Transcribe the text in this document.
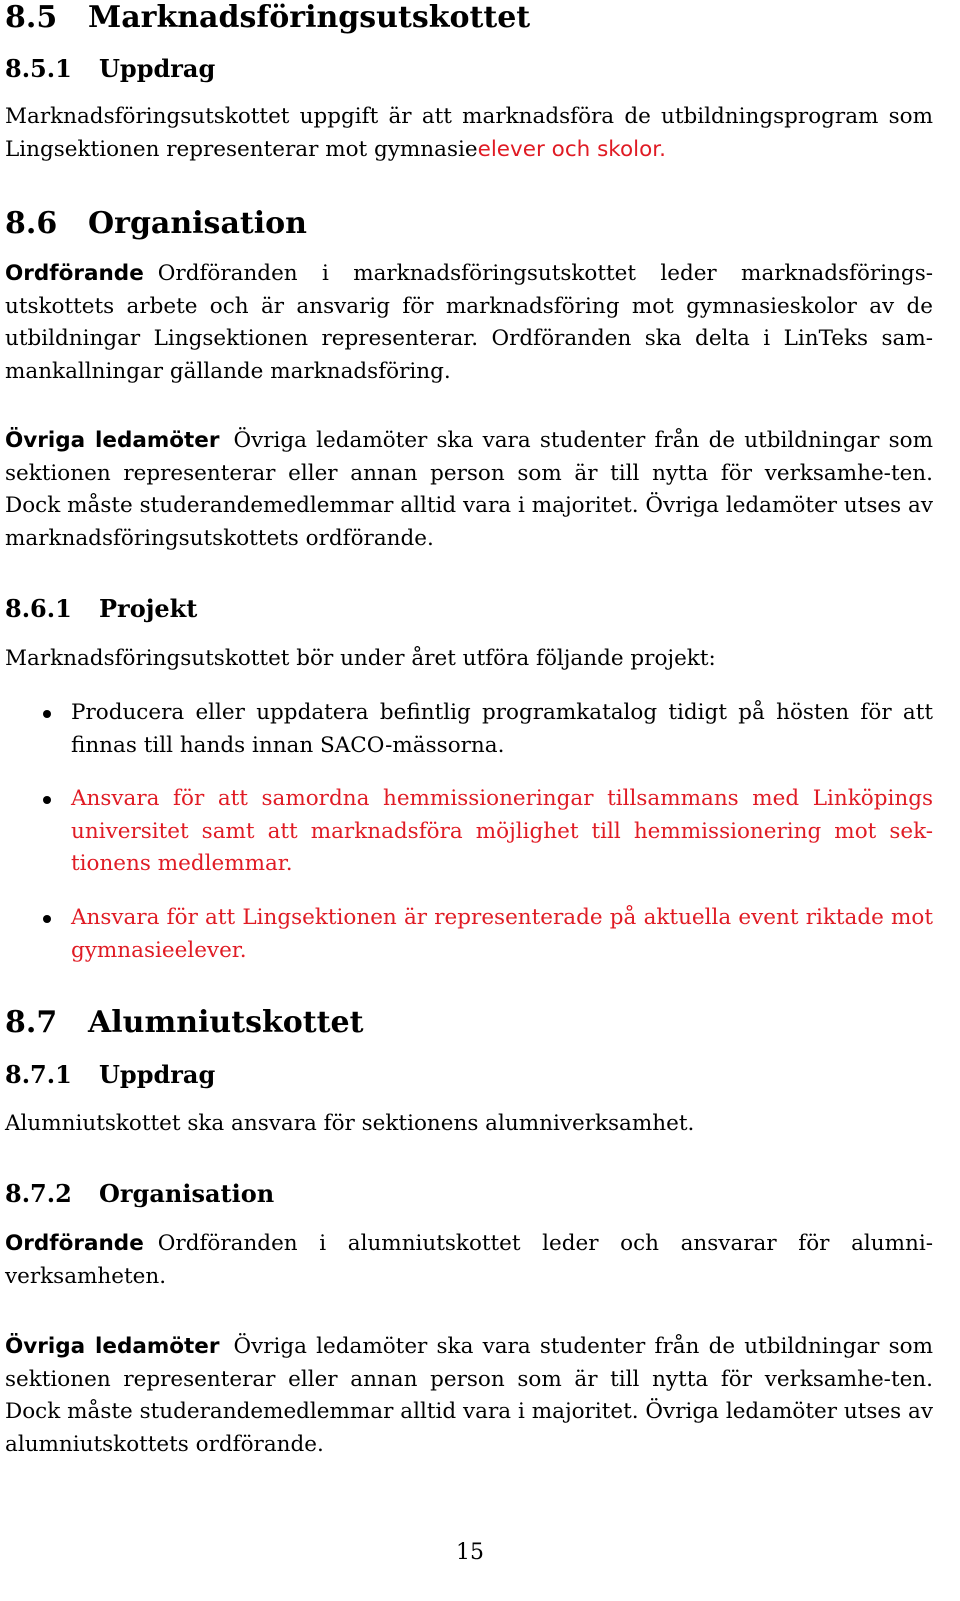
8.5 Marknadsföringsutskottet
8.5.1 Uppdrag
Marknadsföringsutskottet uppgift är att marknadsföra de utbildningsprogram som Lingsektionen representerar mot gymnasieelever och skolor.
8.6 Organisation
Ordförande Ordföranden i marknadsföringsutskottet leder marknadsförings-utskottets arbete och är ansvarig för marknadsföring mot gymnasieskolor av de utbildningar Lingsektionen representerar. Ordföranden ska delta i LinTeks sam-mankallningar gällande marknadsföring.
Övriga ledamöter Övriga ledamöter ska vara studenter från de utbildningar som sektionen representerar eller annan person som är till nytta för verksamhe-ten. Dock måste studerandemedlemmar alltid vara i majoritet. Övriga ledamöter utses av marknadsföringsutskottets ordförande.
8.6.1 Projekt
Marknadsföringsutskottet bör under året utföra följande projekt:
Producera eller uppdatera befintlig programkatalog tidigt på hösten för att finnas till hands innan SACO-mässorna.
Ansvara för att samordna hemmissioneringar tillsammans med Linköpings universitet samt att marknadsföra möjlighet till hemmissionering mot sek-tionens medlemmar.
Ansvara för att Lingsektionen är representerade på aktuella event riktade mot gymnasieelever.
8.7 Alumniutskottet
8.7.1 Uppdrag
Alumniutskottet ska ansvara för sektionens alumniverksamhet.
8.7.2 Organisation
Ordförande Ordföranden i alumniutskottet leder och ansvarar för alumni-verksamheten.
Övriga ledamöter Övriga ledamöter ska vara studenter från de utbildningar som sektionen representerar eller annan person som är till nytta för verksamhe-ten. Dock måste studerandemedlemmar alltid vara i majoritet. Övriga ledamöter utses av alumniutskottets ordförande.
15
